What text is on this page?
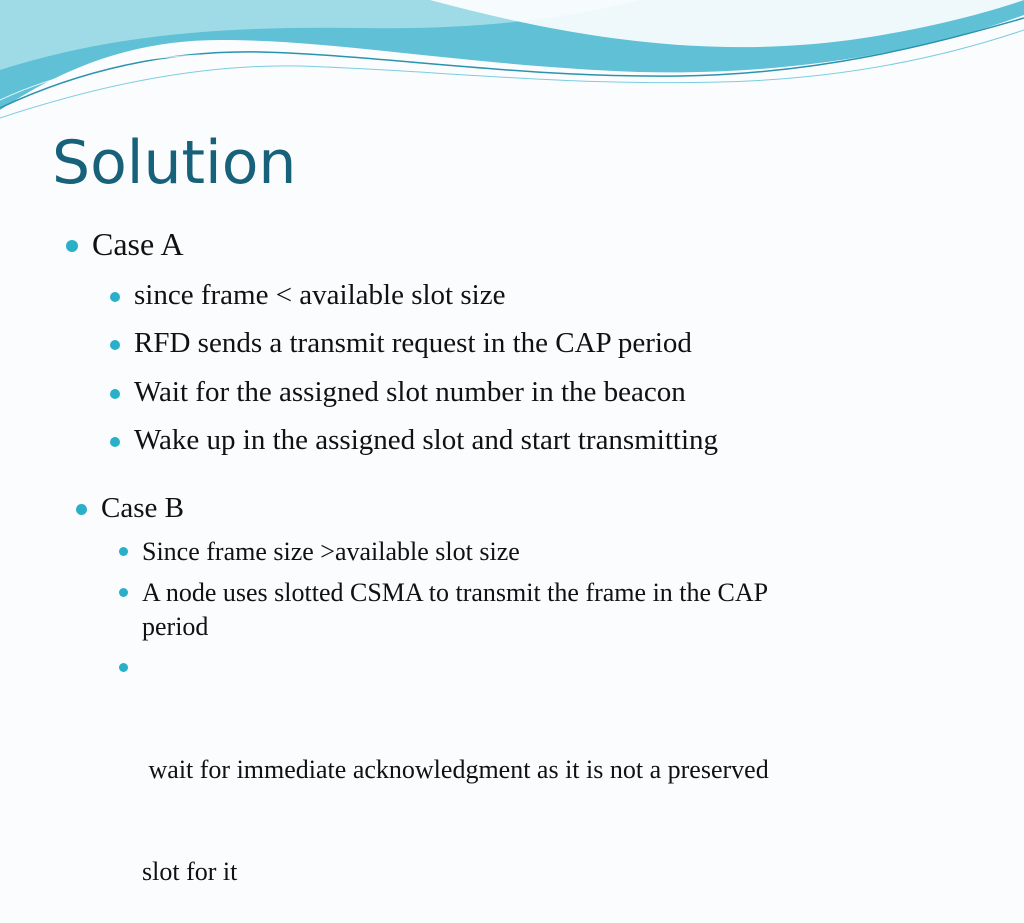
Solution
Case A
since frame < available slot size
RFD sends a transmit request in the CAP period
Wait for the assigned slot number in the beacon
Wake up in the assigned slot and start transmitting
Case B
Since frame size >available slot size
A node uses slotted CSMA to transmit the frame in the CAP
period

wait for immediate acknowledgment as it is not a preserved

slot for it
